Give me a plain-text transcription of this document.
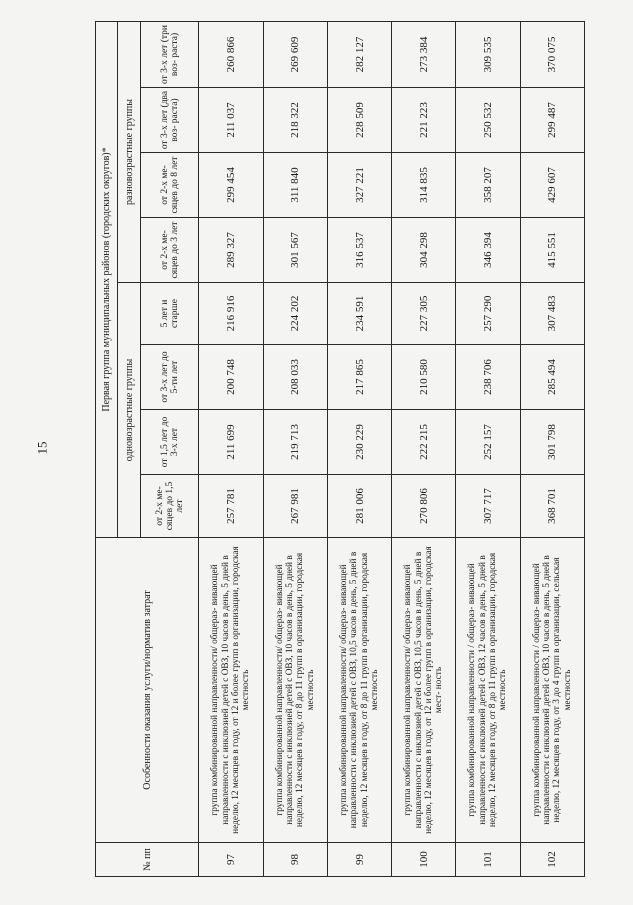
15
№ пп	Особенности оказания услуги/норматив затрат	Первая группа муниципальных районов (городских округов)*							
		одновозрастные группы				разновозрастные группы			
		от 2-х ме- сяцев до 1,5 лет	от 1,5 лет до 3-х лет	от 3-х лет до 5-ти лет	5 лет и старше	от 2-х ме- сяцев до 3 лет	от 2-х ме- сяцев до 8 лет	от 3-х лет (два воз- раста)	от 3-х лет (три воз- раста)
97	группа комбинированной направленности/ общераз- вивающей направленности с инклюзией детей с ОВЗ, 10 часов в день, 5 дней в неделю, 12 месяцев в году, от 12 и более групп в организации, городская местность	257 781	211 699	200 748	216 916	289 327	299 454	211 037	260 866
98	группа комбинированной направленности/ общераз- вивающей направленности с инклюзией детей с ОВЗ, 10 часов в день, 5 дней в неделю, 12 месяцев в году, от 8 до 11 групп в организации, городская местность	267 981	219 713	208 033	224 202	301 567	311 840	218 322	269 609
99	группа комбинированной направленности/ общераз- вивающей направленности с инклюзией детей с ОВЗ, 10,5 часов в день, 5 дней в неделю, 12 месяцев в году, от 8 до 11 групп в организации, городская местность	281 006	230 229	217 865	234 591	316 537	327 221	228 509	282 127
100	группа комбинированной направленности/ общераз- вивающей направленности с инклюзией детей с ОВЗ, 10,5 часов в день, 5 дней в неделю, 12 месяцев в году, от 12 и более групп в организации, городская мест- ность	270 806	222 215	210 580	227 305	304 298	314 835	221 223	273 384
101	группа комбинированной направленности / общераз- вивающей направленности с инклюзией детей с ОВЗ, 12 часов в день, 5 дней в неделю, 12 месяцев в году, от 8 до 11 групп в организации, городская местность	307 717	252 157	238 706	257 290	346 394	358 207	250 532	309 535
102	группа комбинированной направленности / общераз- вивающей направленности с инклюзией детей с ОВЗ, 10 часов в день, 5 дней в неделю, 12 месяцев в году, от 3 до 4 групп в организации, сельская местность	368 701	301 798	285 494	307 483	415 551	429 607	299 487	370 075
